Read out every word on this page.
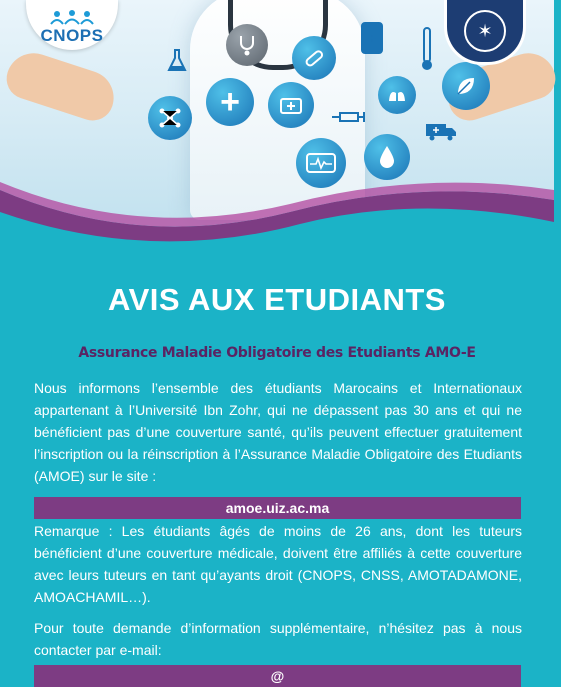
+
+
CNOPS	✶
AVIS AUX ETUDIANTS
Assurance Maladie Obligatoire des Etudiants AMO-E

Nous informons l’ensemble des étudiants Marocains et Internationaux appartenant à l’Université Ibn Zohr, qui ne dépassent pas 30 ans et qui ne bénéficient pas d’une couverture santé, qu’ils peuvent effectuer gratuitement l’inscription ou la réinscription à l’Assurance Maladie Obligatoire des Etudiants (AMOE) sur le site :

amoe.uiz.ac.ma

Remarque : Les étudiants âgés de moins de 26 ans, dont les tuteurs bénéficient d’une couverture médicale, doivent être affiliés à cette couverture avec leurs tuteurs en tant qu’ayants droit (CNOPS, CNSS, AMOTADAMONE, AMOACHAMIL…).

Pour toute demande d’information supplémentaire, n’hésitez pas à nous contacter par e-mail:

@
